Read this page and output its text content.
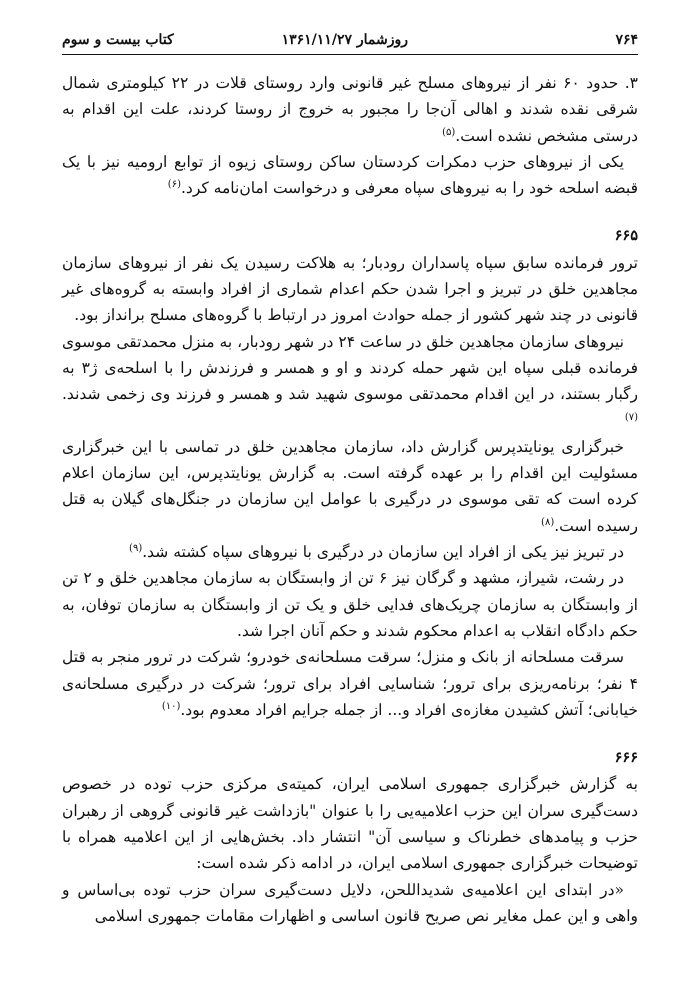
۷۶۴
روزشمار ۱۳۶۱/۱۱/۲۷
کتاب بیست و سوم

۳. حدود ۶۰ نفر از نیروهای مسلح غیر قانونی وارد روستای قلات در ۲۲ کیلومتری شمال شرقی نقده شدند و اهالی آن‌جا را مجبور به خروج از روستا کردند، علت این اقدام به درستی مشخص نشده است.$^{(۵)}$

یکی از نیروهای حزب دمکرات کردستان ساکن روستای زیوه از توابع ارومیه نیز با یک قبضه اسلحه خود را به نیروهای سپاه معرفی و درخواست امان‌نامه کرد.$^{(۶)}$

۶۶۵

ترور فرمانده سابق سپاه پاسداران رودبار؛ به هلاکت رسیدن یک نفر از نیروهای سازمان مجاهدین خلق در تبریز و اجرا شدن حکم اعدام شماری از افراد وابسته به گروه‌های غیر قانونی در چند شهر کشور از جمله حوادث امروز در ارتباط با گروه‌های مسلح برانداز بود.

نیروهای سازمان مجاهدین خلق در ساعت ۲۴ در شهر رودبار، به منزل محمدتقی موسوی فرمانده قبلی سپاه این شهر حمله کردند و او و همسر و فرزندش را با اسلحه‌ی ژ۳ به رگبار بستند، در این اقدام محمدتقی موسوی شهید شد و همسر و فرزند وی زخمی شدند.$^{(۷)}$

خبرگزاری یونایتدپرس گزارش داد، سازمان مجاهدین خلق در تماسی با این خبرگزاری مسئولیت این اقدام را بر عهده گرفته است. به گزارش یونایتدپرس، این سازمان اعلام کرده است که تقی موسوی در درگیری با عوامل این سازمان در جنگل‌های گیلان به قتل رسیده است.$^{(۸)}$

در تبریز نیز یکی از افراد این سازمان در درگیری با نیروهای سپاه کشته شد.$^{(۹)}$

در رشت، شیراز، مشهد و گرگان نیز ۶ تن از وابستگان به سازمان مجاهدین خلق و ۲ تن از وابستگان به سازمان چریک‌های فدایی خلق و یک تن از وابستگان به سازمان توفان، به حکم دادگاه انقلاب به اعدام محکوم شدند و حکم آنان اجرا شد.

سرقت مسلحانه از بانک و منزل؛ سرقت مسلحانه‌ی خودرو؛ شرکت در ترور منجر به قتل ۴ نفر؛ برنامه‌ریزی برای ترور؛ شناسایی افراد برای ترور؛ شرکت در درگیری مسلحانه‌ی خیابانی؛ آتش کشیدن مغازه‌ی افراد و... از جمله جرایم افراد معدوم بود.$^{(۱۰)}$

۶۶۶

به گزارش خبرگزاری جمهوری اسلامی ایران، کمیته‌ی مرکزی حزب توده در خصوص دست‌گیری سران این حزب اعلامیه‌یی را با عنوان "بازداشت غیر قانونی گروهی از رهبران حزب و پیامدهای خطرناک و سیاسی آن" انتشار داد. بخش‌هایی از این اعلامیه همراه با توضیحات خبرگزاری جمهوری اسلامی ایران، در ادامه ذکر شده است:

«در ابتدای این اعلامیه‌ی شدیداللحن، دلایل دست‌گیری سران حزب توده بی‌اساس و واهی و این عمل مغایر نص صریح قانون اساسی و اظهارات مقامات جمهوری اسلامی
